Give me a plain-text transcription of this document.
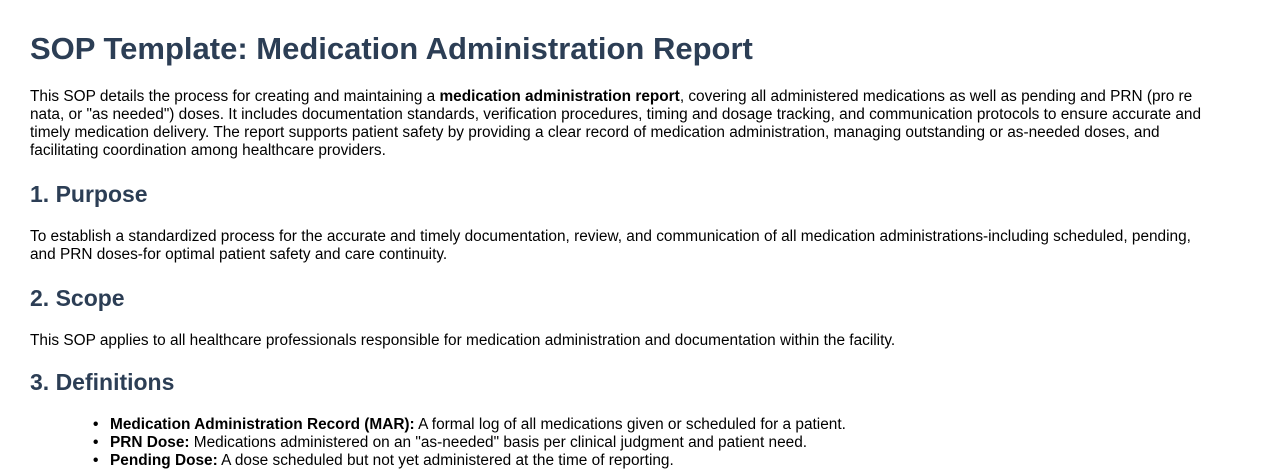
SOP Template: Medication Administration Report

This SOP details the process for creating and maintaining a medication administration report, covering all administered medications as well as pending and PRN (pro re nata, or "as needed") doses. It includes documentation standards, verification procedures, timing and dosage tracking, and communication protocols to ensure accurate and timely medication delivery. The report supports patient safety by providing a clear record of medication administration, managing outstanding or as-needed doses, and facilitating coordination among healthcare providers.

1. Purpose

To establish a standardized process for the accurate and timely documentation, review, and communication of all medication administrations-including scheduled, pending, and PRN doses-for optimal patient safety and care continuity.

2. Scope

This SOP applies to all healthcare professionals responsible for medication administration and documentation within the facility.

3. Definitions
• Medication Administration Record (MAR): A formal log of all medications given or scheduled for a patient.
• PRN Dose: Medications administered on an "as-needed" basis per clinical judgment and patient need.
• Pending Dose: A dose scheduled but not yet administered at the time of reporting.
